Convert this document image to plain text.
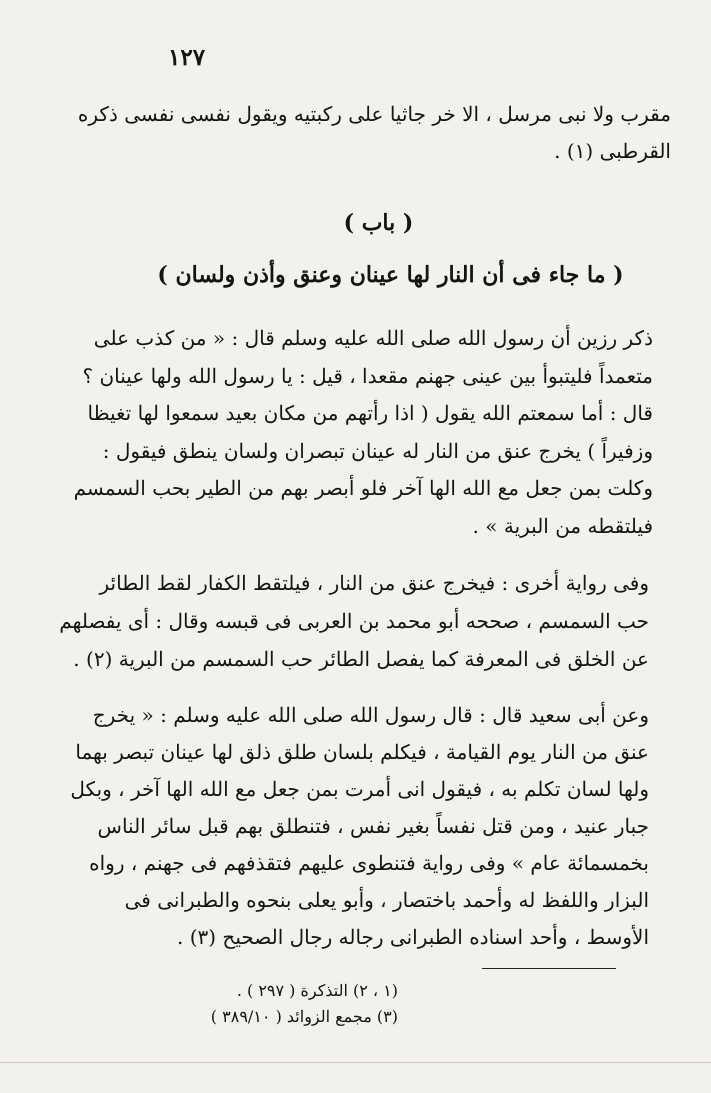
١٢٧
مقرب ولا نبى مرسل ، الا خر جاثيا على ركبتيه ويقول نفسى نفسى ذكره
القرطبى (١) .
( باب )
( ما جاء فى أن النار لها عينان وعنق وأذن ولسان )
ذكر رزين أن رسول الله صلى الله عليه وسلم قال : « من كذب على
متعمداً فليتبوأ بين عينى جهنم مقعدا ، قيل : يا رسول الله ولها عينان ؟
قال : أما سمعتم الله يقول ( اذا رأتهم من مكان بعيد سمعوا لها تغيظا
وزفيراً ) يخرج عنق من النار له عينان تبصران ولسان ينطق فيقول :
وكلت بمن جعل مع الله الها آخر فلو أبصر بهم من الطير بحب السمسم
فيلتقطه من البرية » .
وفى رواية أخرى : فيخرج عنق من النار ، فيلتقط الكفار لقط الطائر
حب السمسم ، صححه أبو محمد بن العربى فى قبسه وقال : أى يفصلهم
عن الخلق فى المعرفة كما يفصل الطائر حب السمسم من البرية (٢) .
وعن أبى سعيد قال : قال رسول الله صلى الله عليه وسلم : « يخرج
عنق من النار يوم القيامة ، فيكلم بلسان طلق ذلق لها عينان تبصر بهما
ولها لسان تكلم به ، فيقول انى أمرت بمن جعل مع الله الها آخر ، وبكل
جبار عنيد ، ومن قتل نفساً بغير نفس ، فتنطلق بهم قبل سائر الناس
بخمسمائة عام » وفى رواية فتنطوى عليهم فتقذفهم فى جهنم ، رواه
البزار واللفظ له وأحمد باختصار ، وأبو يعلى بنحوه والطبرانى فى
الأوسط ، وأحد اسناده الطبرانى رجاله رجال الصحيح (٣) .
(١ ، ٢) التذكرة ( ٢٩٧ ) .
(٣) مجمع الزوائد ( ٣٨٩/١٠ )
